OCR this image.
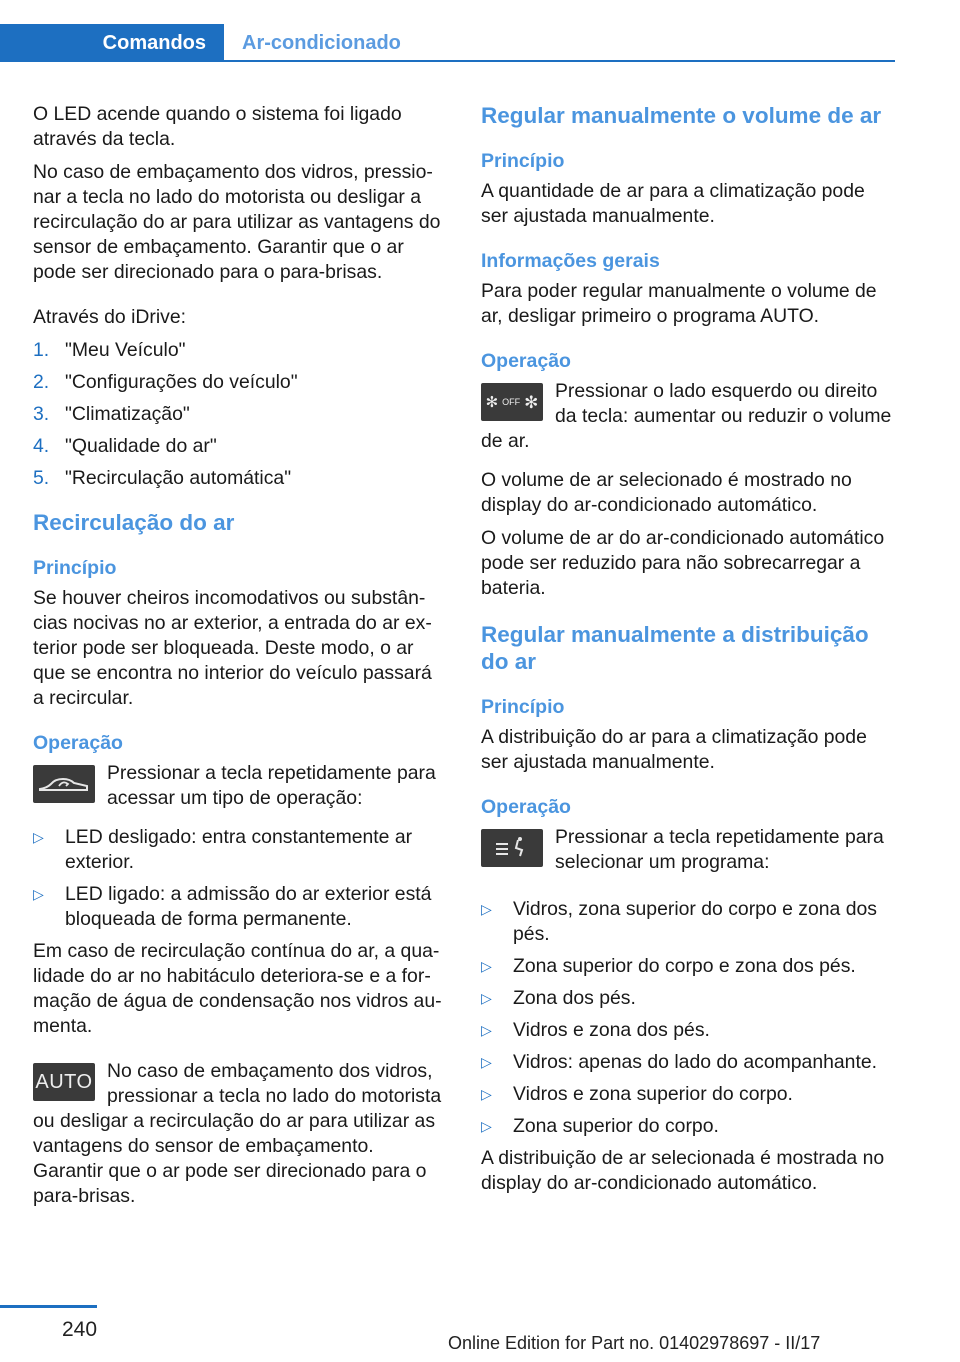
Comandos	Ar-condicionado

O LED acende quando o sistema foi ligado através da tecla.

No caso de embaçamento dos vidros, pressionar a tecla no lado do motorista ou desligar a recirculação do ar para utilizar as vantagens do sensor de embaçamento. Garantir que o ar pode ser direcionado para o para-brisas.

Através do iDrive:

1. "Meu Veículo"
2. "Configurações do veículo"
3. "Climatização"
4. "Qualidade do ar"
5. "Recirculação automática"
Recirculação do ar
Princípio

Se houver cheiros incomodativos ou substâncias nocivas no ar exterior, a entrada do ar exterior pode ser bloqueada. Deste modo, o ar que se encontra no interior do veículo passará a recircular.

Operação

Pressionar a tecla repetidamente para acessar um tipo de operação:

▷ LED desligado: entra constantemente ar exterior.
▷ LED ligado: a admissão do ar exterior está bloqueada de forma permanente.

Em caso de recirculação contínua do ar, a qualidade do ar no habitáculo deteriora-se e a formação de água de condensação nos vidros aumenta.

AUTO No caso de embaçamento dos vidros, pressionar a tecla no lado do motorista ou desligar a recirculação do ar para utilizar as vantagens do sensor de embaçamento. Garantir que o ar pode ser direcionado para o para-brisas.

Regular manualmente o volume de ar
Princípio

A quantidade de ar para a climatização pode ser ajustada manualmente.

Informações gerais

Para poder regular manualmente o volume de ar, desligar primeiro o programa AUTO.

Operação
✻ OFF ✻ Pressionar o lado esquerdo ou direito da tecla: aumentar ou reduzir o volume de ar.

O volume de ar selecionado é mostrado no display do ar-condicionado automático.

O volume de ar do ar-condicionado automático pode ser reduzido para não sobrecarregar a bateria.

Regular manualmente a distribuição do ar
Princípio

A distribuição do ar para a climatização pode ser ajustada manualmente.

Operação

Pressionar a tecla repetidamente para selecionar um programa:

▷ Vidros, zona superior do corpo e zona dos pés.
▷ Zona superior do corpo e zona dos pés.
▷ Zona dos pés.
▷ Vidros e zona dos pés.
▷ Vidros: apenas do lado do acompanhante.
▷ Vidros e zona superior do corpo.
▷ Zona superior do corpo.

A distribuição de ar selecionada é mostrada no display do ar-condicionado automático.

240
Online Edition for Part no. 01402978697 - II/17
